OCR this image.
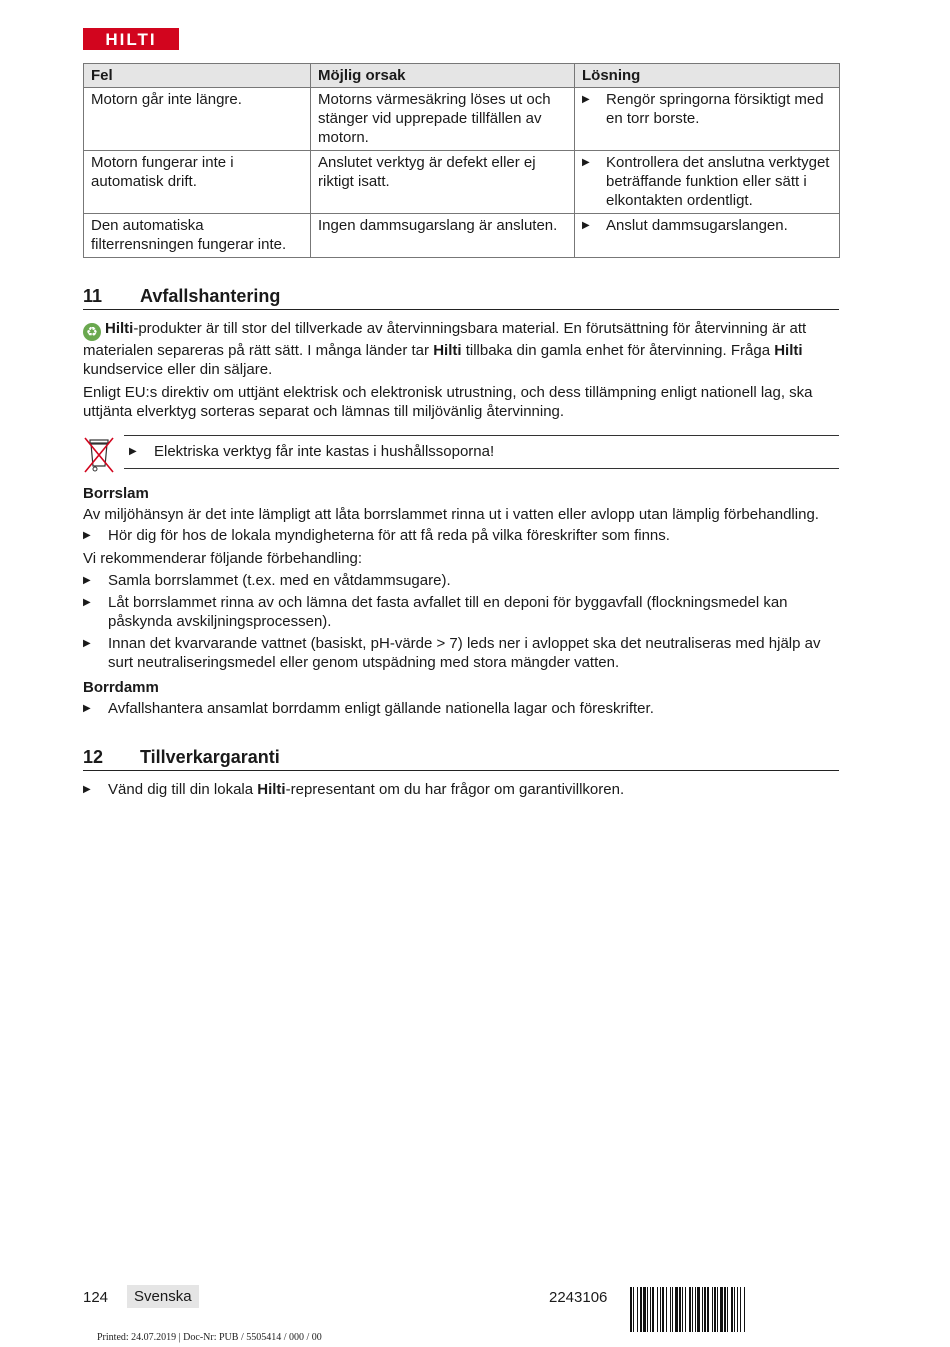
HILTI
Fel	Möjlig orsak	Lösning
Motorn går inte längre.	Motorns värmesäkring löses ut och stänger vid upprepade tillfällen av motorn.	▶ Rengör springorna försiktigt med en torr borste.

Motorn fungerar inte i automatisk drift.	Anslutet verktyg är defekt eller ej riktigt isatt.	▶ Kontrollera det anslutna verktyget beträffande funktion eller sätt i elkontakten ordentligt.

Den automatiska filterrensningen fungerar inte.	Ingen dammsugarslang är ansluten.	▶ Anslut dammsugarslangen.
11 Avfallshantering

♻ Hilti-produkter är till stor del tillverkade av återvinningsbara material. En förutsättning för återvinning är att materialen separeras på rätt sätt. I många länder tar Hilti tillbaka din gamla enhet för återvinning. Fråga Hilti kundservice eller din säljare.

Enligt EU:s direktiv om uttjänt elektrisk och elektronisk utrustning, och dess tillämpning enligt nationell lag, ska uttjänta elverktyg sorteras separat och lämnas till miljövänlig återvinning.
▶	Elektriska verktyg får inte kastas i hushållssoporna!

Borrslam

Av miljöhänsyn är det inte lämpligt att låta borrslammet rinna ut i vatten eller avlopp utan lämplig förbehandling.

▶	Hör dig för hos de lokala myndigheterna för att få reda på vilka föreskrifter som finns.

Vi rekommenderar följande förbehandling:

▶	Samla borrslammet (t.ex. med en våtdammsugare).
▶	Låt borrslammet rinna av och lämna det fasta avfallet till en deponi för byggavfall (flockningsmedel kan påskynda avskiljningsprocessen).
▶	Innan det kvarvarande vattnet (basiskt, pH-värde > 7) leds ner i avloppet ska det neutraliseras med hjälp av surt neutraliseringsmedel eller genom utspädning med stora mängder vatten.

Borrdamm

▶	Avfallshantera ansamlat borrdamm enligt gällande nationella lagar och föreskrifter.
12 Tillverkargaranti
▶	Vänd dig till din lokala Hilti-representant om du har frågor om garantivillkoren.
124	Svenska	2243106
Printed: 24.07.2019 | Doc-Nr: PUB / 5505414 / 000 / 00
